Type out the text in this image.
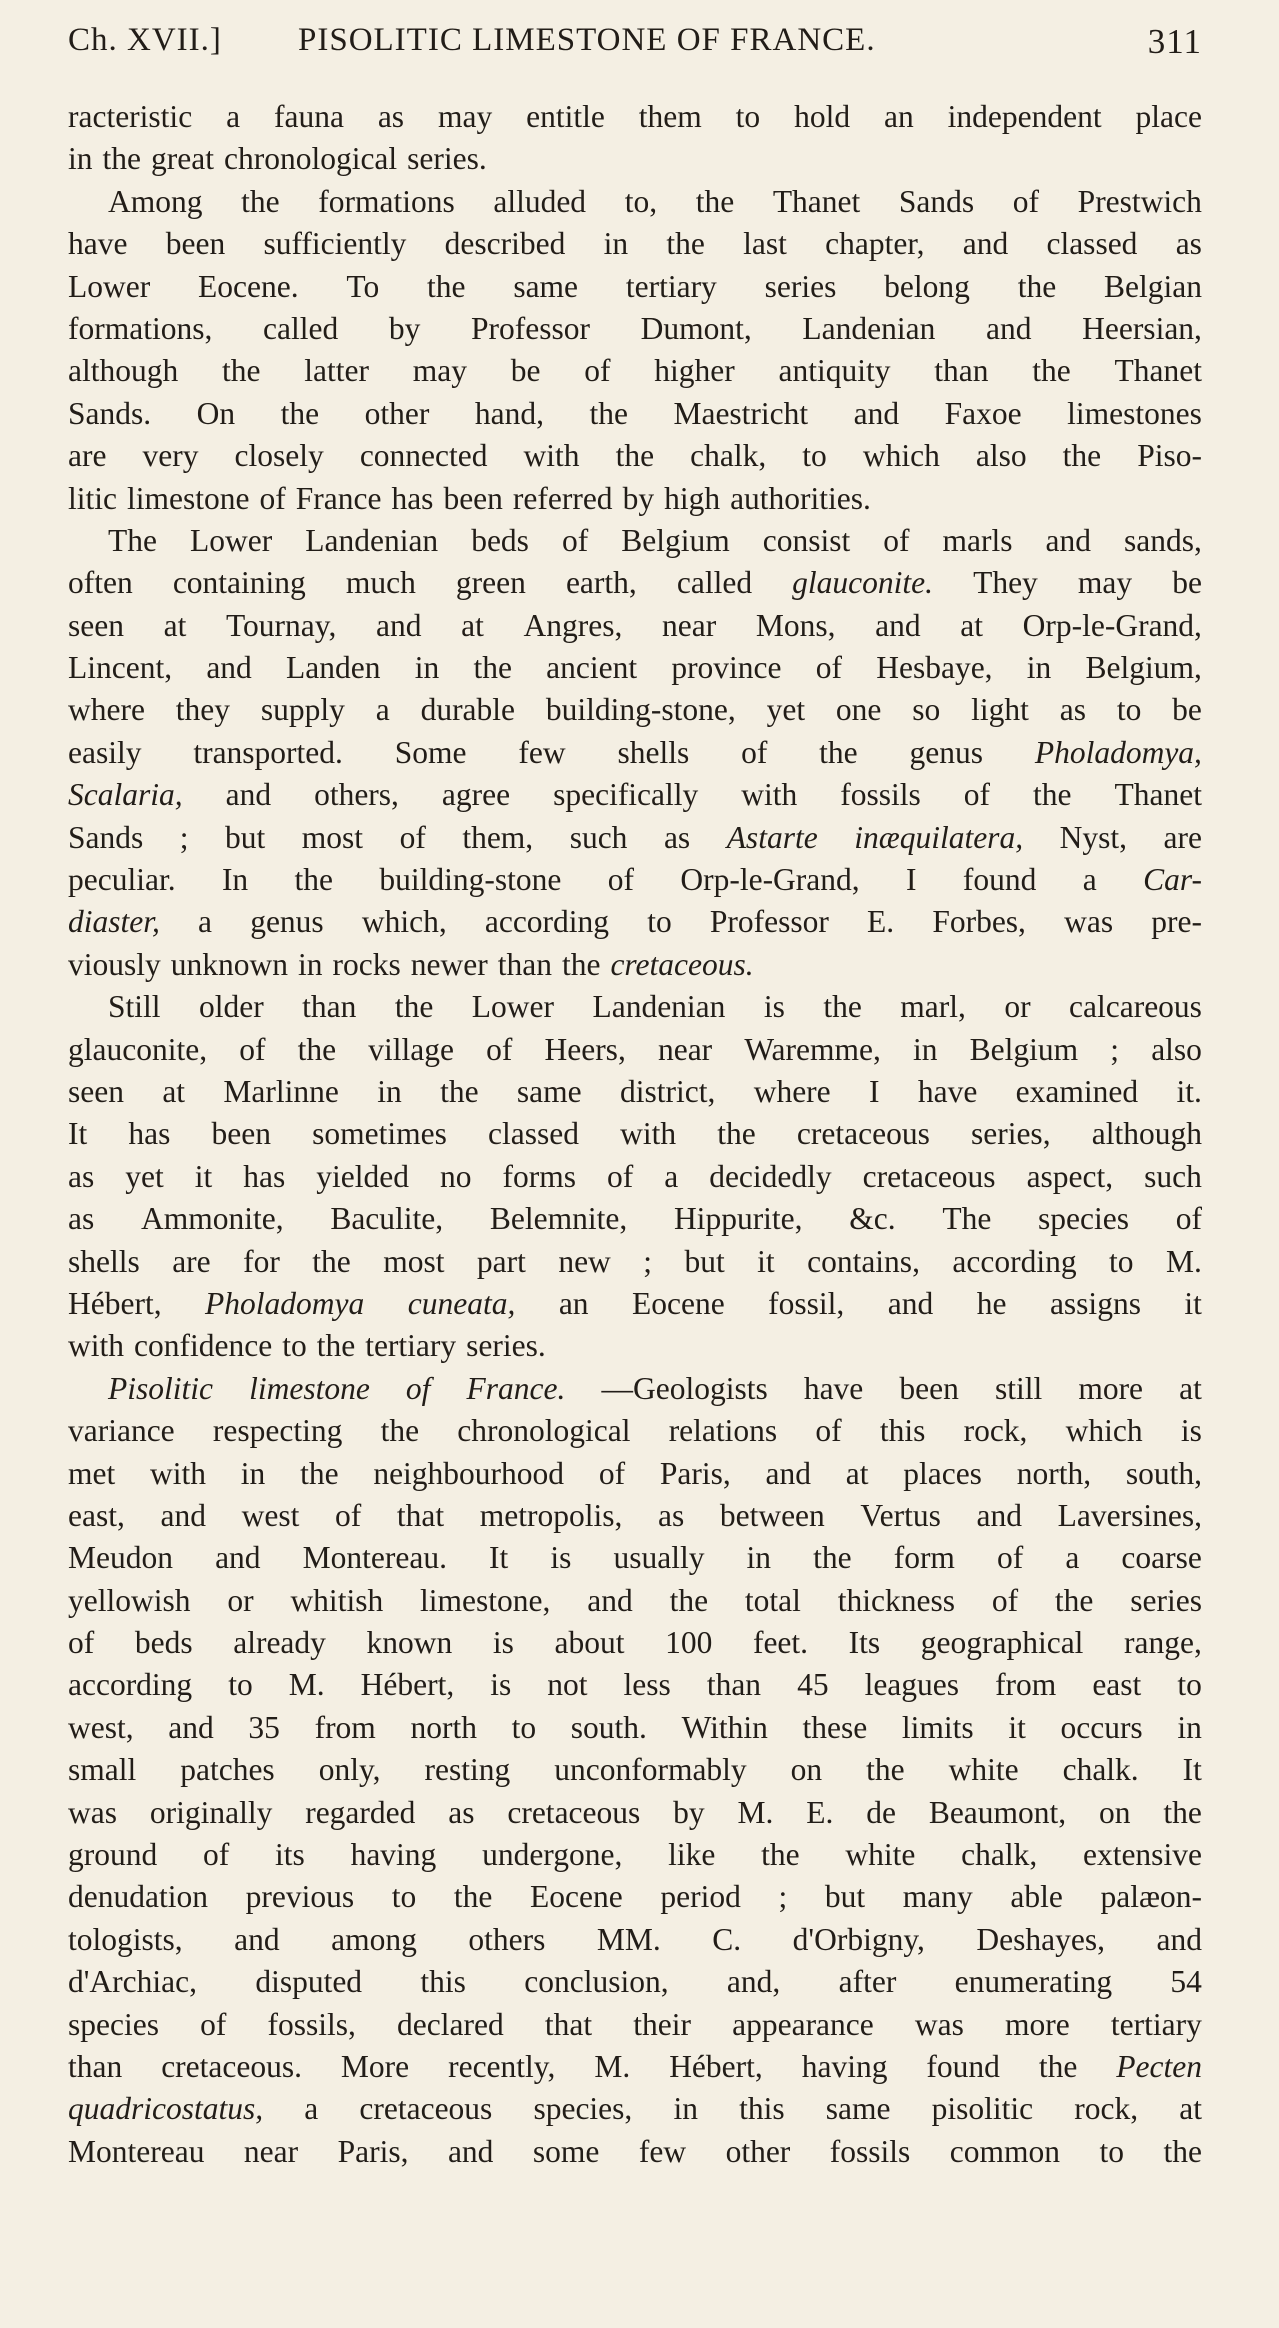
Ch. XVII.] PISOLITIC LIMESTONE OF FRANCE.	311
racteristic a fauna as may entitle them to hold an independent place
in the great chronological series.
Among the formations alluded to, the Thanet Sands of Prestwich
have been sufficiently described in the last chapter, and classed as
Lower Eocene. To the same tertiary series belong the Belgian
formations, called by Professor Dumont, Landenian and Heersian,
although the latter may be of higher antiquity than the Thanet
Sands. On the other hand, the Maestricht and Faxoe limestones
are very closely connected with the chalk, to which also the Piso-
litic limestone of France has been referred by high authorities.
The Lower Landenian beds of Belgium consist of marls and sands,
often containing much green earth, called glauconite. They may be
seen at Tournay, and at Angres, near Mons, and at Orp-le-Grand,
Lincent, and Landen in the ancient province of Hesbaye, in Belgium,
where they supply a durable building-stone, yet one so light as to be
easily transported. Some few shells of the genus Pholadomya,
Scalaria, and others, agree specifically with fossils of the Thanet
Sands ; but most of them, such as Astarte inæquilatera, Nyst, are
peculiar. In the building-stone of Orp-le-Grand, I found a Car-
diaster, a genus which, according to Professor E. Forbes, was pre-
viously unknown in rocks newer than the cretaceous.
Still older than the Lower Landenian is the marl, or calcareous
glauconite, of the village of Heers, near Waremme, in Belgium ; also
seen at Marlinne in the same district, where I have examined it.
It has been sometimes classed with the cretaceous series, although
as yet it has yielded no forms of a decidedly cretaceous aspect, such
as Ammonite, Baculite, Belemnite, Hippurite, &c. The species of
shells are for the most part new ; but it contains, according to M.
Hébert, Pholadomya cuneata, an Eocene fossil, and he assigns it
with confidence to the tertiary series.
Pisolitic limestone of France. —Geologists have been still more at
variance respecting the chronological relations of this rock, which is
met with in the neighbourhood of Paris, and at places north, south,
east, and west of that metropolis, as between Vertus and Laversines,
Meudon and Montereau. It is usually in the form of a coarse
yellowish or whitish limestone, and the total thickness of the series
of beds already known is about 100 feet. Its geographical range,
according to M. Hébert, is not less than 45 leagues from east to
west, and 35 from north to south. Within these limits it occurs in
small patches only, resting unconformably on the white chalk. It
was originally regarded as cretaceous by M. E. de Beaumont, on the
ground of its having undergone, like the white chalk, extensive
denudation previous to the Eocene period ; but many able palæon-
tologists, and among others MM. C. d'Orbigny, Deshayes, and
d'Archiac, disputed this conclusion, and, after enumerating 54
species of fossils, declared that their appearance was more tertiary
than cretaceous. More recently, M. Hébert, having found the Pecten
quadricostatus, a cretaceous species, in this same pisolitic rock, at
Montereau near Paris, and some few other fossils common to the
